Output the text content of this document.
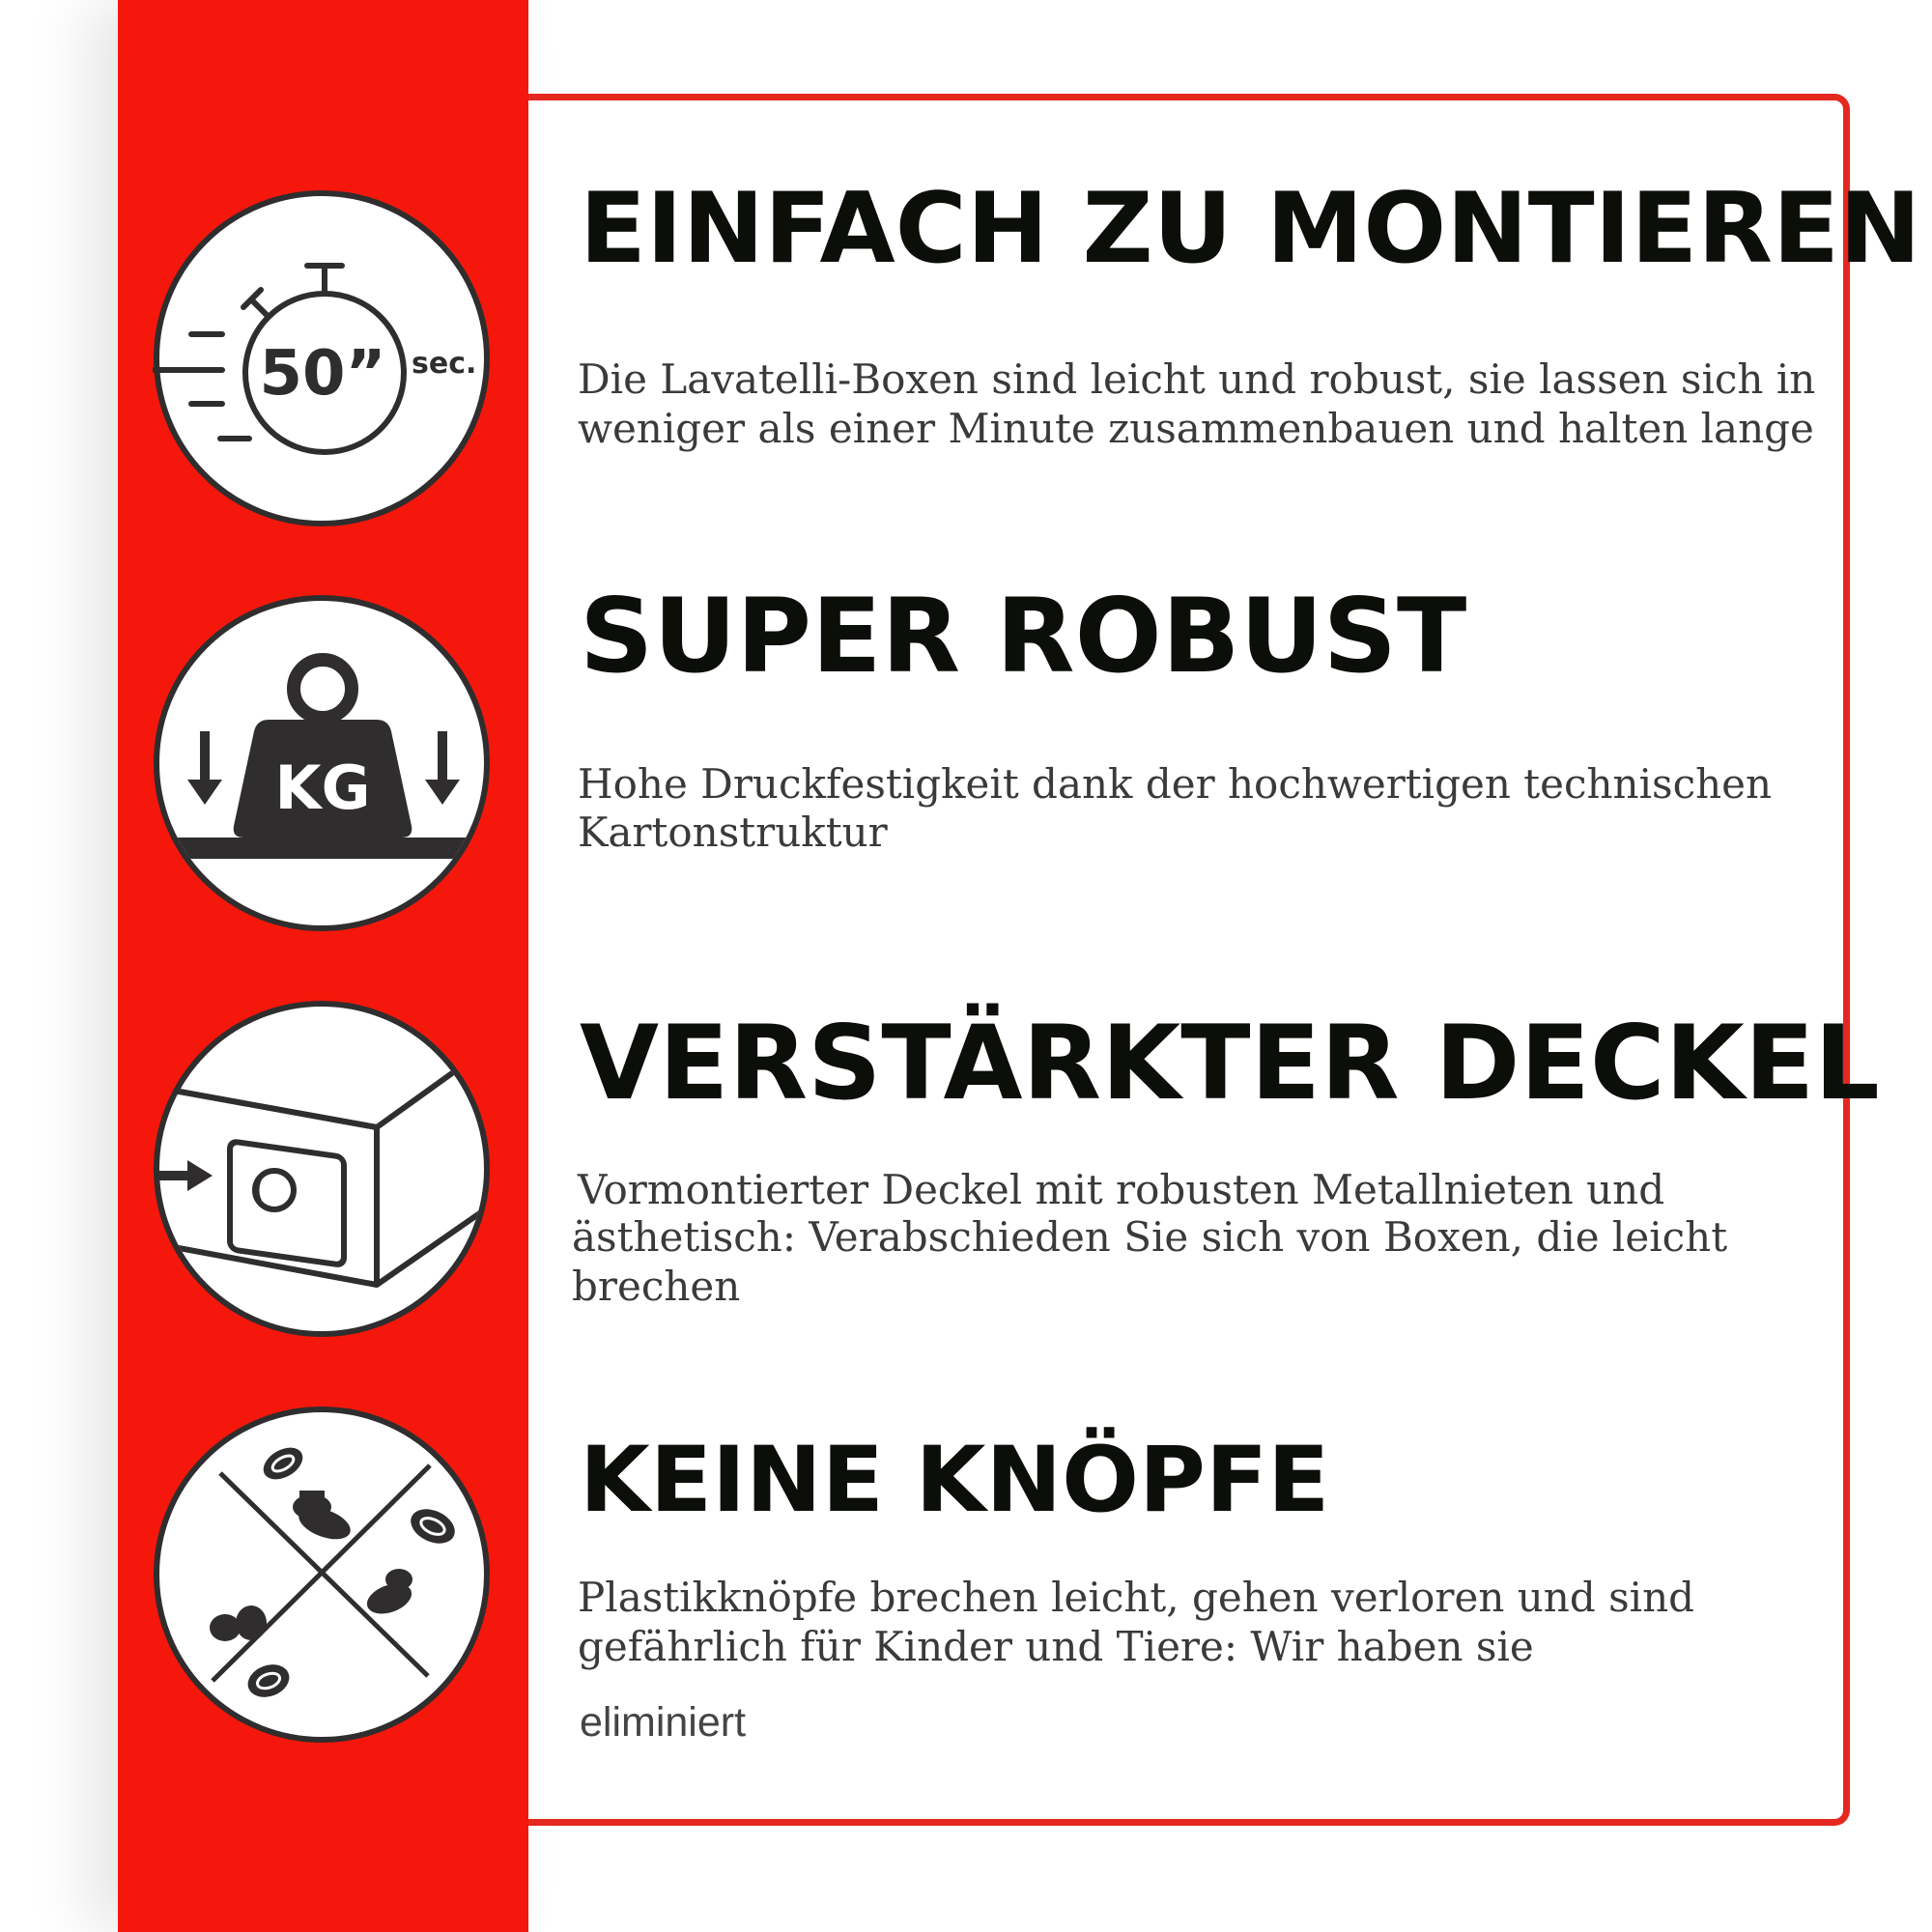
50” sec.
EINFACH ZU MONTIEREN

Die Lavatelli-Boxen sind leicht und robust, sie lassen sich in

weniger als einer Minute zusammenbauen und halten lange

KG
SUPER ROBUST

Hohe Druckfestigkeit dank der hochwertigen technischen

Kartonstruktur

VERSTÄRKTER DECKEL

Vormontierter Deckel mit robusten Metallnieten und

ästhetisch: Verabschieden Sie sich von Boxen, die leicht brechen

KEINE KNÖPFE

Plastikknöpfe brechen leicht, gehen verloren und sind

gefährlich für Kinder und Tiere: Wir haben sie

eliminiert
